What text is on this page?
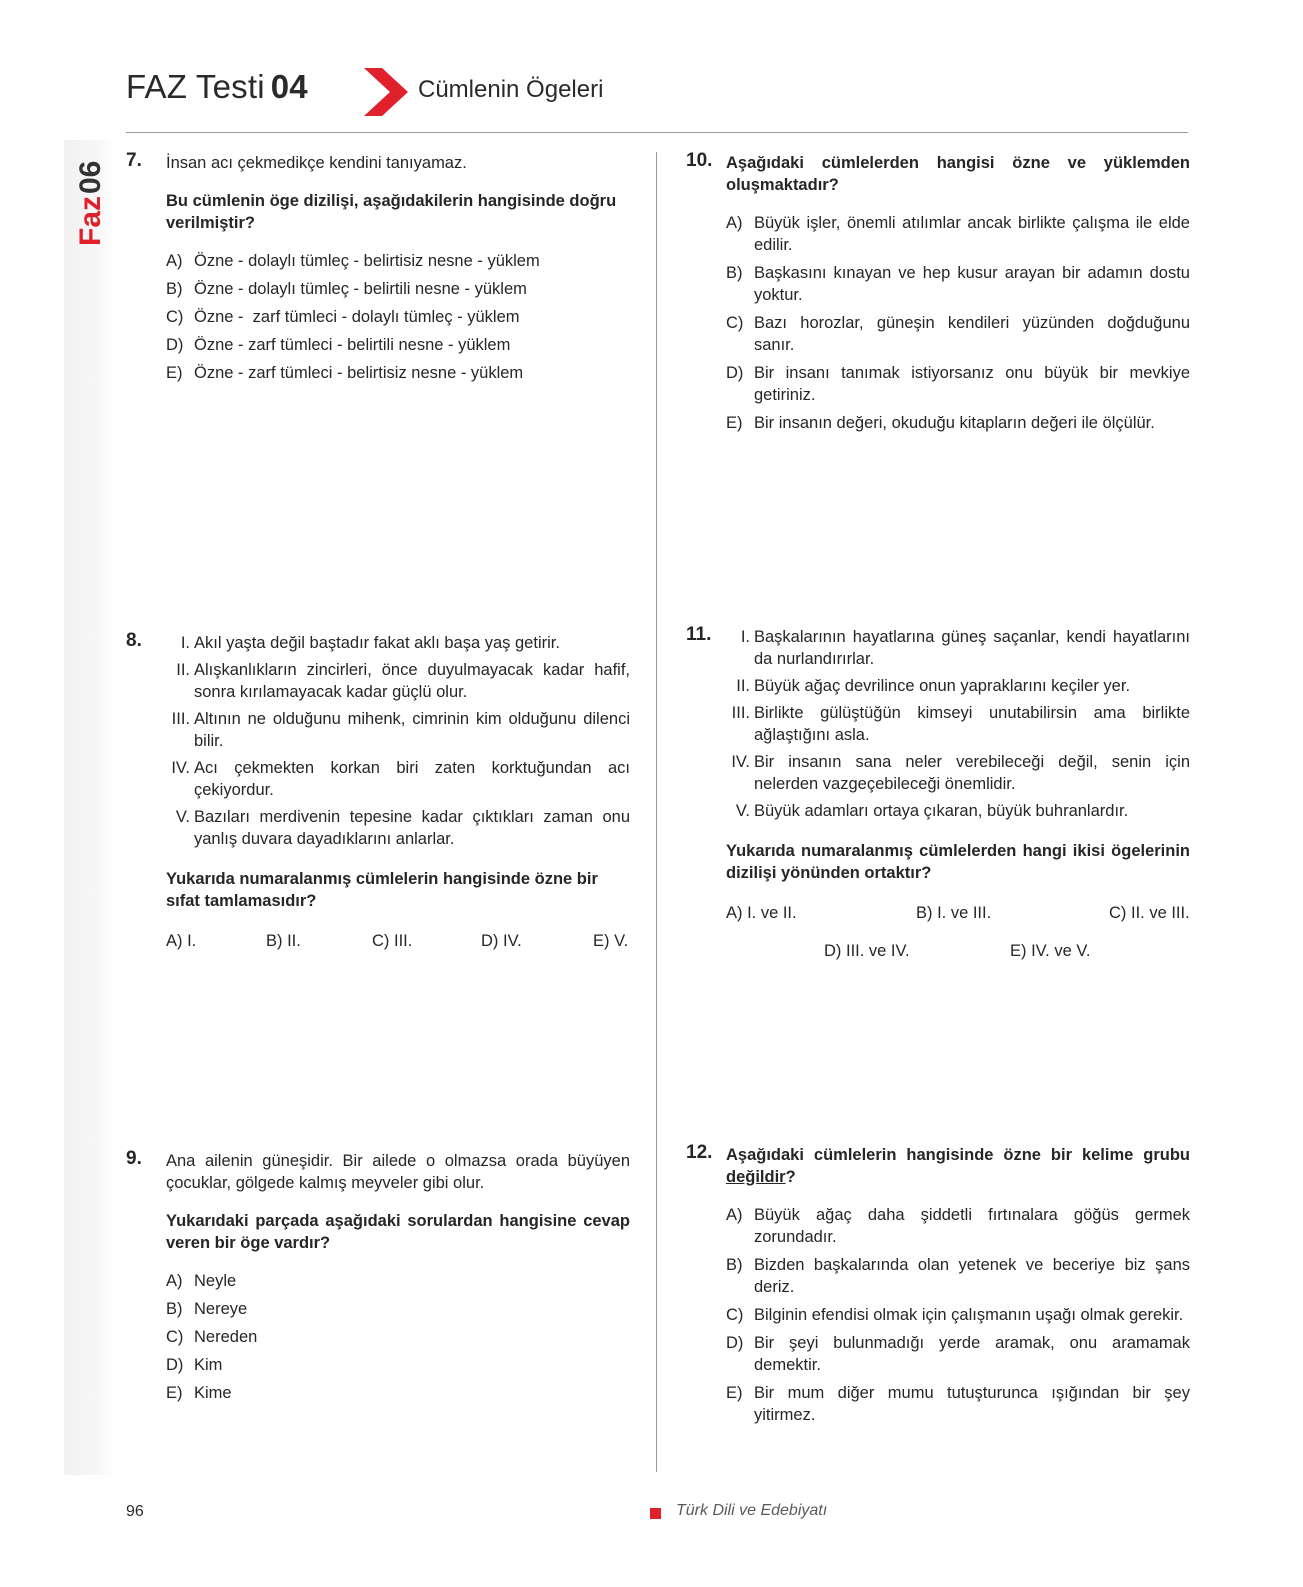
Faz
06
FAZ Testi 04	Cümlenin Ögeleri
7. İnsan acı çekmedikçe kendini tanıyamaz.

Bu cümlenin öge dizilişi, aşağıdakilerin hangisinde doğru verilmiştir?

A) Özne - dolaylı tümleç - belirtisiz nesne - yüklem
B) Özne - dolaylı tümleç - belirtili nesne - yüklem
C) Özne -  zarf tümleci - dolaylı tümleç - yüklem
D) Özne - zarf tümleci - belirtili nesne - yüklem
E) Özne - zarf tümleci - belirtisiz nesne - yüklem
8.	I. Akıl yaşta değil baştadır fakat aklı başa yaş getirir.
II. Alışkanlıkların zincirleri, önce duyulmayacak kadar hafif, sonra kırılamayacak kadar güçlü olur.
III. Altının ne olduğunu mihenk, cimrinin kim olduğunu dilenci bilir.
IV. Acı çekmekten korkan biri zaten korktuğundan acı çekiyordur.
V. Bazıları merdivenin tepesine kadar çıktıkları zaman onu yanlış duvara dayadıklarını anlarlar.

Yukarıda numaralanmış cümlelerin hangisinde özne bir sıfat tamlamasıdır?

A) I.	B) II.	C) III.	D) IV.	E) V.
9. Ana ailenin güneşidir. Bir ailede o olmazsa orada büyüyen çocuklar, gölgede kalmış meyveler gibi olur.

Yukarıdaki parçada aşağıdaki sorulardan hangisine cevap veren bir öge vardır?

A) Neyle
B) Nereye
C) Nereden
D) Kim
E) Kime
10. Aşağıdaki cümlelerden hangisi özne ve yüklemden oluşmaktadır?

A) Büyük işler, önemli atılımlar ancak birlikte çalışma ile elde edilir.
B) Başkasını kınayan ve hep kusur arayan bir adamın dostu yoktur.
C) Bazı horozlar, güneşin kendileri yüzünden doğduğunu sanır.
D) Bir insanı tanımak istiyorsanız onu büyük bir mevkiye getiriniz.
E) Bir insanın değeri, okuduğu kitapların değeri ile ölçülür.
11.	I. Başkalarının hayatlarına güneş saçanlar, kendi hayatlarını da nurlandırırlar.
II. Büyük ağaç devrilince onun yapraklarını keçiler yer.
III. Birlikte gülüştüğün kimseyi unutabilirsin ama birlikte ağlaştığını asla.
IV. Bir insanın sana neler verebileceği değil, senin için nelerden vazgeçebileceği önemlidir.
V. Büyük adamları ortaya çıkaran, büyük buhranlardır.

Yukarıda numaralanmış cümlelerden hangi ikisi ögelerinin dizilişi yönünden ortaktır?

A) I. ve II.	B) I. ve III.	C) II. ve III.
D) III. ve IV.	E) IV. ve V.
12. Aşağıdaki cümlelerin hangisinde özne bir kelime grubu değildir?

A) Büyük ağaç daha şiddetli fırtınalara göğüs germek zorundadır.
B) Bizden başkalarında olan yetenek ve beceriye biz şans deriz.
C) Bilginin efendisi olmak için çalışmanın uşağı olmak gerekir.
D) Bir şeyi bulunmadığı yerde aramak, onu aramamak demektir.
E) Bir mum diğer mumu tutuşturunca ışığından bir şey yitirmez.
96	Türk Dili ve Edebiyatı
